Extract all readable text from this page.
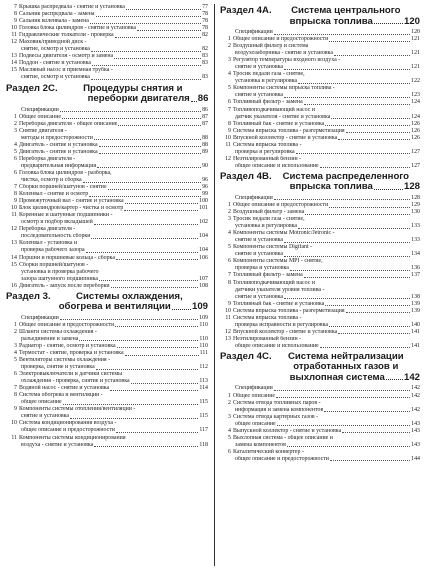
7 Крышка распредвала - снятие и установка	77
8 Сальник распредвала - замена	78
9 Сальник коленвала - замена	78
10 Головка блока цилиндров - снятие и установка	78
11 Гидравлические толкатели - проверка	82
12 Маховик/приводной диск -
снятие, осмотр и установка	82
13 Подвесы двигателя - осмотр и замена	83
14 Поддон - снятие и установка	83
15 Масляный насос и приемная трубка -
снятие, осмотр и установка	83
Раздел 2С.	Процедуры снятия и
переборки двигателя 86
Спецификации	86
1 Общее описание	87
2 Переборка двигателя - общее описание	87
3 Снятие двигателя -
методы и предосторожности	88
4 Двигатель - снятие и установка	88
5 Двигатель - снятие и установка	89
6 Переборка двигателя -
предварительная информация	90
6 Головка блока цилиндров - разборка,
чистка, осмотр и сборка	96
7 Сборки поршней/шатунов - снятие	96
8 Коленвал - снятие и осмотр	99
9 Промежуточный вал - снятие и установка	100
10 Блок цилиндров/картер - чистка и осмотр	101
11 Коренные и шатунные подшипники -
осмотр и подбор вкладышей	102
12 Переборка двигателя -
последовательность сборки	104
13 Коленвал - установка и
проверка рабочего зазора	104
14 Поршни и поршневые кольца - сборка	106
15 Сборки поршней/шатунов -
установка и проверка рабочего
зазора шатунного подшипника	107
16 Двигатель - запуск после переборки	108
Раздел 3.	Системы охлаждения,
обогрева и вентиляции 109
Спецификации	109
1 Общее описание и предосторожности	110
2 Шланги системы охлаждения -
разъединение и замена	110
3 Радиатор - снятие, осмотр и установка	110
4 Термостат - снятие, проверка и установка	111
5 Вентиляторы системы охлаждения -
проверка, снятие и установка	112
6 Электровыключатели и датчики системы
охлаждения - проверка, снятие и установка	113
7 Водяной насос - снятие и установка	114
8 Система обогрева и вентиляции -
общее описание	115
9 Компоненты системы отопления/вентиляции -
снятие и установка	115
10 Система кондиционирования воздуха -
общее описание и предосторожности	117
11 Компоненты системы кондиционирования
воздуха - снятие и установка	118
Раздел 4А. Система центрального
впрыска топлива	120
Спецификации	120
1 Общее описание и предосторожности	121
2 Воздушный фильтр и система
воздухозаборника - снятие и установка	121
3 Регулятор температуры входного воздуха -
снятие и установка	121
4 Тросик педали газа - снятие,
установка и регулировка	122
5 Компоненты системы впрыска топлива -
снятие и установка	123
6 Топливный фильтр - замена	124
7 Топливоподкачивающий насос и
датчик указателя - снятие и установка	124
8 Топливный бак - снятие и установка	126
9 Система впрыска топлива - разгерметизация	126
10 Впускной коллектор - снятие и установка	126
11 Система впрыска топлива -
проверка и регулировка	127
12 Неэтилированный бензин -
общее описание и использование	127
Раздел 4В. Система распределенного
впрыска топлива	128
Спецификации	128
1 Общее описание и предосторожности	129
2 Воздушный фильтр - замена	130
3 Тросик педали газа - снятие,
установка и регулировка	133
4 Компоненты системы Motronic/Jetronic -
снятие и установка	133
5 Компоненты системы Digifant -
снятие и установка	134
6 Компоненты системы MPI - снятие,
проверка и установка	136
7 Топливный фильтр - замена	137
8 Топливоподкачивающий насос и
датчики указателя уровня топлива -
снятие и установка	138
9 Топливный бак - снятие и установка	139
10 Система впрыска топлива - разгерметизация	139
11 Система впрыска топлива -
проверка исправности и регулировка	140
12 Впускной коллектор - снятие и установка	141
13 Неэтилированный бензин -
общее описание и использование	141
Раздел 4С. Система нейтрализации
отработанных газов и
выхлопная система 142
Спецификации	142
1 Общее описание	142
2 Система отвода топливных паров -
информация и замена компонентов	142
3 Система отвода картерных газов -
общее описание	143
4 Выпускной коллектор - снятие и установка	143
5 Выхлопная система - общее описание и
замена компонентов	143
6 Каталитический конвертер -
общее описание и предосторожности	144
